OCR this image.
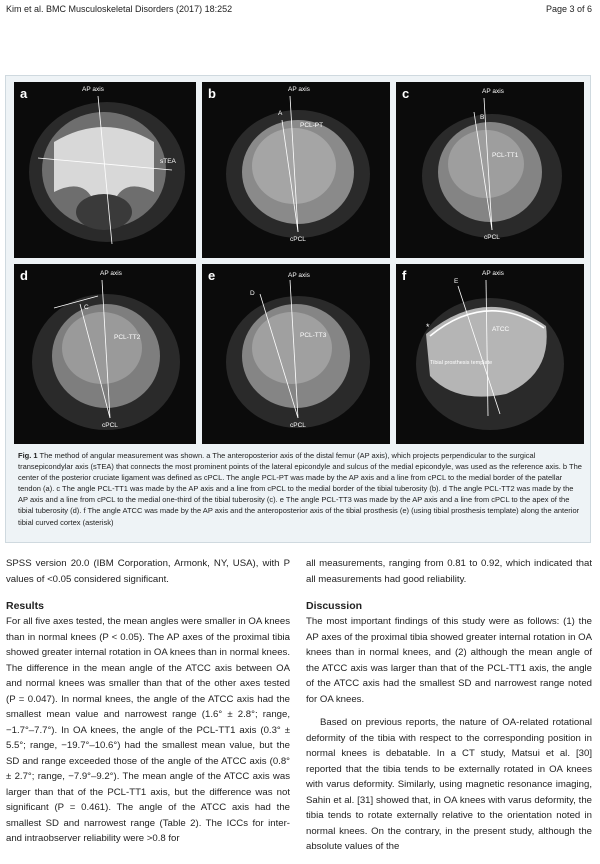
Kim et al. BMC Musculoskeletal Disorders (2017) 18:252	Page 3 of 6
a	AP axis
sTEA
b	AP axis
A
PCL-PT
cPCL
c	AP axis
B
PCL-TT1
cPCL
d	AP axis
C
PCL-TT2
cPCL
e	AP axis
D
PCL-TT3
cPCL
f	AP axis
E
ATCC
Tibial prosthesis template
*
Fig. 1 The method of angular measurement was shown. a The anteroposterior axis of the distal femur (AP axis), which projects perpendicular to the surgical transepicondylar axis (sTEA) that connects the most prominent points of the lateral epicondyle and sulcus of the medial epicondyle, was used as the reference axis. b The center of the posterior cruciate ligament was defined as cPCL. The angle PCL-PT was made by the AP axis and a line from cPCL to the medial border of the patellar tendon (a). c The angle PCL-TT1 was made by the AP axis and a line from cPCL to the medial border of the tibial tuberosity (b). d The angle PCL-TT2 was made by the AP axis and a line from cPCL to the medial one-third of the tibial tuberosity (c). e The angle PCL-TT3 was made by the AP axis and a line from cPCL to the apex of the tibial tuberosity (d). f The angle ATCC was made by the AP axis and the anteroposterior axis of the tibial prosthesis (e) (using tibial prosthesis template) along the anterior tibial curved cortex (asterisk)

SPSS version 20.0 (IBM Corporation, Armonk, NY, USA), with P values of <0.05 considered significant.

Results

For all five axes tested, the mean angles were smaller in OA knees than in normal knees (P < 0.05). The AP axes of the proximal tibia showed greater internal rotation in OA knees than in normal knees. The difference in the mean angle of the ATCC axis between OA and normal knees was smaller than that of the other axes tested (P = 0.047). In normal knees, the angle of the ATCC axis had the smallest mean value and narrowest range (1.6° ± 2.8°; range, −1.7°–7.7°). In OA knees, the angle of the PCL-TT1 axis (0.3° ± 5.5°; range, −19.7°–10.6°) had the smallest mean value, but the SD and range exceeded those of the angle of the ATCC axis (0.8° ± 2.7°; range, −7.9°–9.2°). The mean angle of the ATCC axis was larger than that of the PCL-TT1 axis, but the difference was not significant (P = 0.461). The angle of the ATCC axis had the smallest SD and narrowest range (Table 2). The ICCs for inter- and intraobserver reliability were >0.8 for

all measurements, ranging from 0.81 to 0.92, which indicated that all measurements had good reliability.

Discussion

The most important findings of this study were as follows: (1) the AP axes of the proximal tibia showed greater internal rotation in OA knees than in normal knees, and (2) although the mean angle of the ATCC axis was larger than that of the PCL-TT1 axis, the angle of the ATCC axis had the smallest SD and narrowest range noted for OA knees.

Based on previous reports, the nature of OA-related rotational deformity of the tibia with respect to the corresponding position in normal knees is debatable. In a CT study, Matsui et al. [30] reported that the tibia tends to be externally rotated in OA knees with varus deformity. Similarly, using magnetic resonance imaging, Sahin et al. [31] showed that, in OA knees with varus deformity, the tibia tends to rotate externally relative to the orientation noted in normal knees. On the contrary, in the present study, although the absolute values of the
